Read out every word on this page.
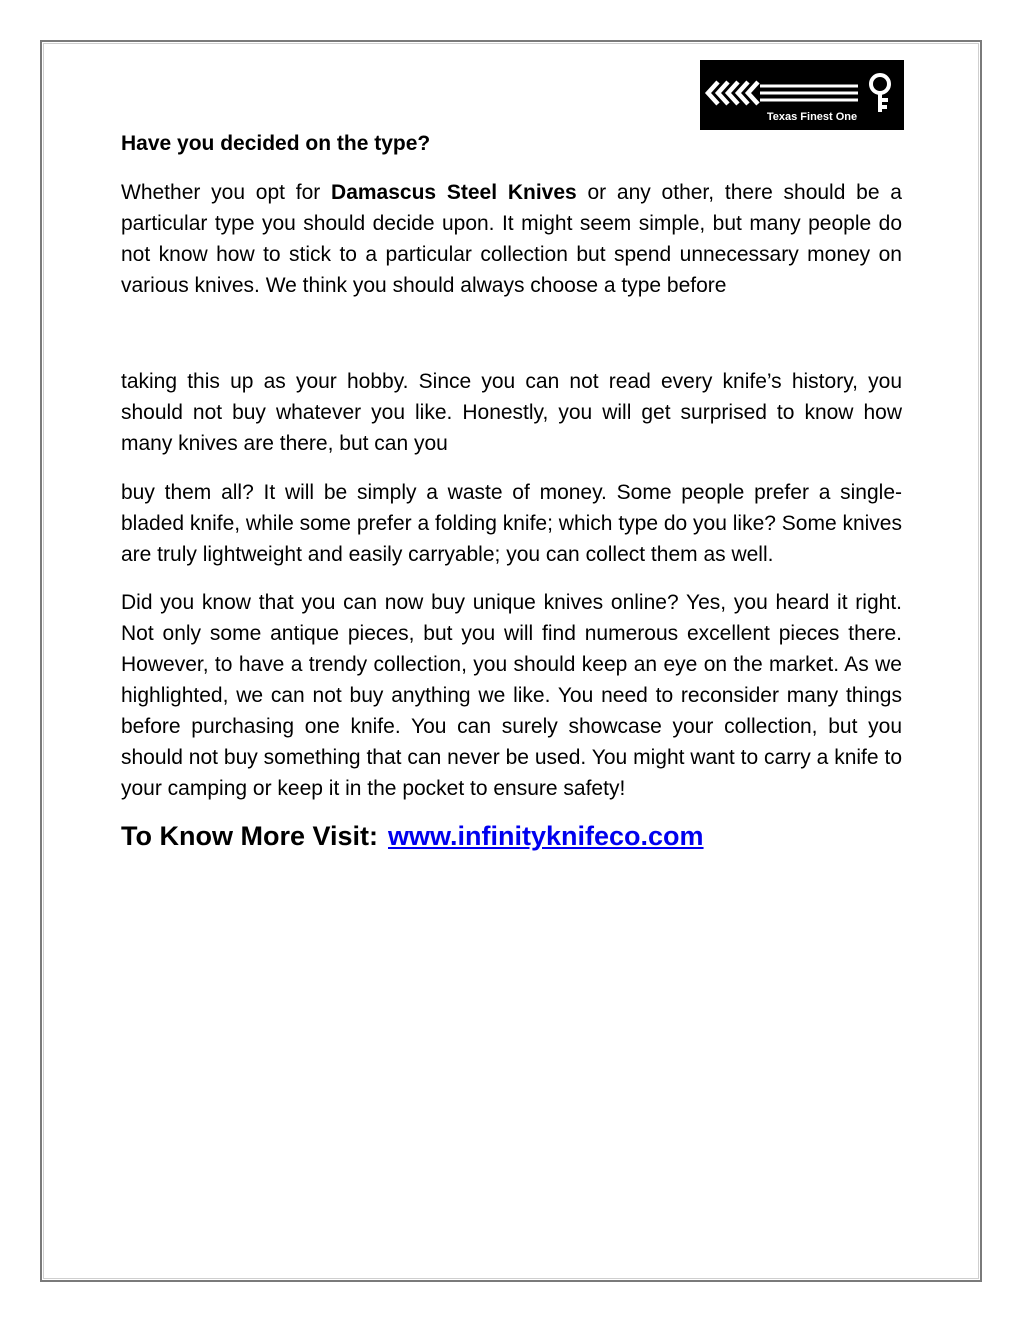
Texas Finest One

Have you decided on the type?

Whether you opt for Damascus Steel Knives or any other, there should be a particular type you should decide upon. It might seem simple, but many people do not know how to stick to a particular collection but spend unnecessary money on various knives. We think you should always choose a type before

taking this up as your hobby. Since you can not read every knife’s history, you should not buy whatever you like. Honestly, you will get surprised to know how many knives are there, but can you

buy them all? It will be simply a waste of money. Some people prefer a single-bladed knife, while some prefer a folding knife; which type do you like? Some knives are truly lightweight and easily carryable; you can collect them as well.

Did you know that you can now buy unique knives online? Yes, you heard it right. Not only some antique pieces, but you will find numerous excellent pieces there. However, to have a trendy collection, you should keep an eye on the market. As we highlighted, we can not buy anything we like. You need to reconsider many things before purchasing one knife. You can surely showcase your collection, but you should not buy something that can never be used. You might want to carry a knife to your camping or keep it in the pocket to ensure safety!

To Know More Visit: www.infinityknifeco.com
